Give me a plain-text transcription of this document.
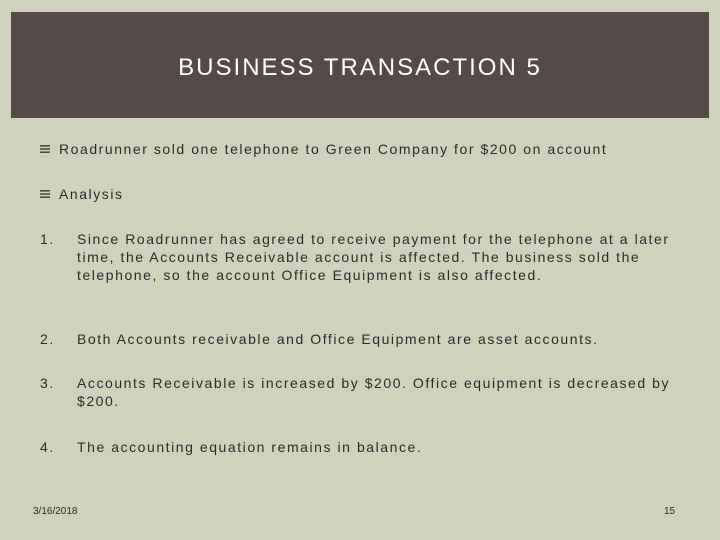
BUSINESS TRANSACTION 5
Roadrunner sold one telephone to Green Company for $200 on account
Analysis
1. Since Roadrunner has agreed to receive payment for the telephone at a later time, the Accounts Receivable account is affected. The business sold the telephone, so the account Office Equipment is also affected.
2. Both Accounts receivable and Office Equipment are asset accounts.
3. Accounts Receivable is increased by $200. Office equipment is decreased by $200.
4. The accounting equation remains in balance.
3/16/2018	15
